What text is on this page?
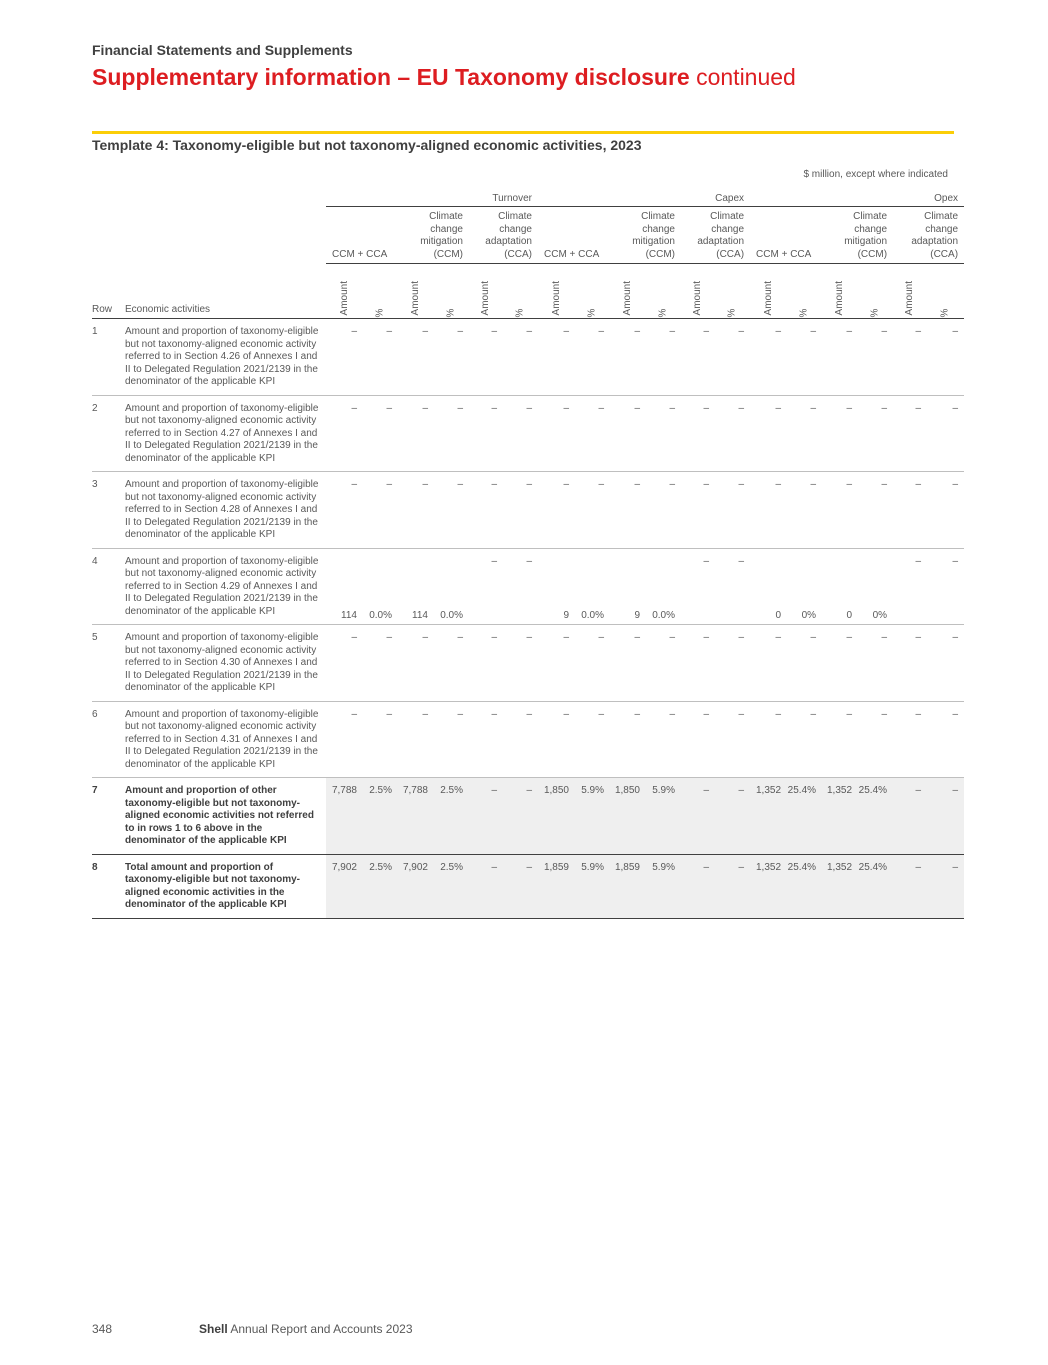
Financial Statements and Supplements
Supplementary information – EU Taxonomy disclosure continued
Template 4: Taxonomy-eligible but not taxonomy-aligned economic activities, 2023
$ million, except where indicated
		Turnover						Capex						Opex					
		CCM + CCA		Climate change mitigation (CCM)		Climate change adaptation (CCA)		CCM + CCA		Climate change mitigation (CCM)		Climate change adaptation (CCA)		CCM + CCA		Climate change mitigation (CCM)		Climate change adaptation (CCA)	
Row	Economic activities	Amount	%	Amount	%	Amount	%	Amount	%	Amount	%	Amount	%	Amount	%	Amount	%	Amount	%
1	Amount and proportion of taxonomy-eligible but not taxonomy-aligned economic activity referred to in Section 4.26 of Annexes I and II to Delegated Regulation 2021/2139 in the denominator of the applicable KPI	–	–	–	–	–	–	–	–	–	–	–	–	–	–	–	–	–	–
2	Amount and proportion of taxonomy-eligible but not taxonomy-aligned economic activity referred to in Section 4.27 of Annexes I and II to Delegated Regulation 2021/2139 in the denominator of the applicable KPI	–	–	–	–	–	–	–	–	–	–	–	–	–	–	–	–	–	–
3	Amount and proportion of taxonomy-eligible but not taxonomy-aligned economic activity referred to in Section 4.28 of Annexes I and II to Delegated Regulation 2021/2139 in the denominator of the applicable KPI	–	–	–	–	–	–	–	–	–	–	–	–	–	–	–	–	–	–
4	Amount and proportion of taxonomy-eligible but not taxonomy-aligned economic activity referred to in Section 4.29 of Annexes I and II to Delegated Regulation 2021/2139 in the denominator of the applicable KPI	114	0.0%	114	0.0%	–	–	9	0.0%	9	0.0%	–	–	0	0%	0	0%	–	–
5	Amount and proportion of taxonomy-eligible but not taxonomy-aligned economic activity referred to in Section 4.30 of Annexes I and II to Delegated Regulation 2021/2139 in the denominator of the applicable KPI	–	–	–	–	–	–	–	–	–	–	–	–	–	–	–	–	–	–
6	Amount and proportion of taxonomy-eligible but not taxonomy-aligned economic activity referred to in Section 4.31 of Annexes I and II to Delegated Regulation 2021/2139 in the denominator of the applicable KPI	–	–	–	–	–	–	–	–	–	–	–	–	–	–	–	–	–	–
7	Amount and proportion of other taxonomy-eligible but not taxonomy-aligned economic activities not referred to in rows 1 to 6 above in the denominator of the applicable KPI	7,788	2.5%	7,788	2.5%	–	–	1,850	5.9%	1,850	5.9%	–	–	1,352	25.4%	1,352	25.4%	–	–
8	Total amount and proportion of taxonomy-eligible but not taxonomy-aligned economic activities in the denominator of the applicable KPI	7,902	2.5%	7,902	2.5%	–	–	1,859	5.9%	1,859	5.9%	–	–	1,352	25.4%	1,352	25.4%	–	–
348	Shell Annual Report and Accounts 2023
